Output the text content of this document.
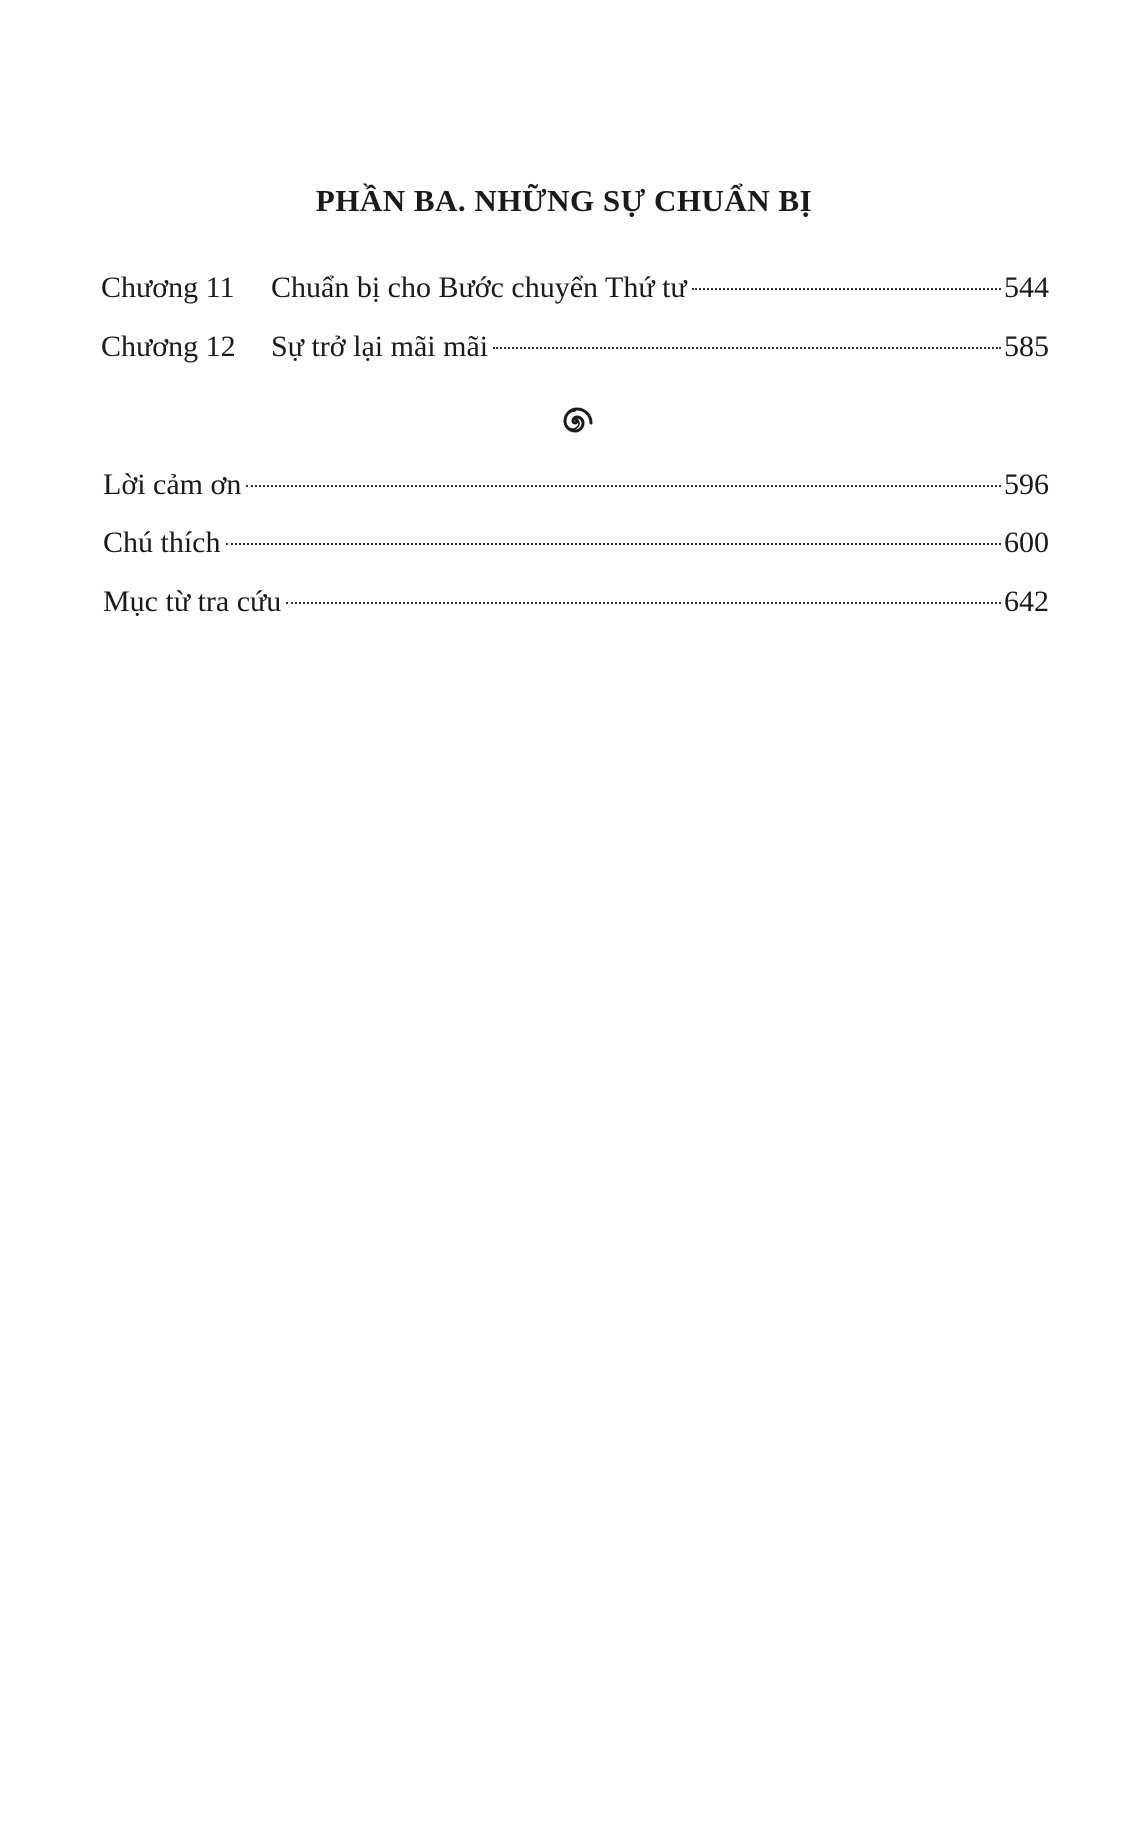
PHẦN BA. NHỮNG SỰ CHUẨN BỊ
Chương 11	Chuẩn bị cho Bước chuyển Thứ tư	544
Chương 12	Sự trở lại mãi mãi	585
Lời cảm ơn	596
Chú thích	600
Mục từ tra cứu	642
